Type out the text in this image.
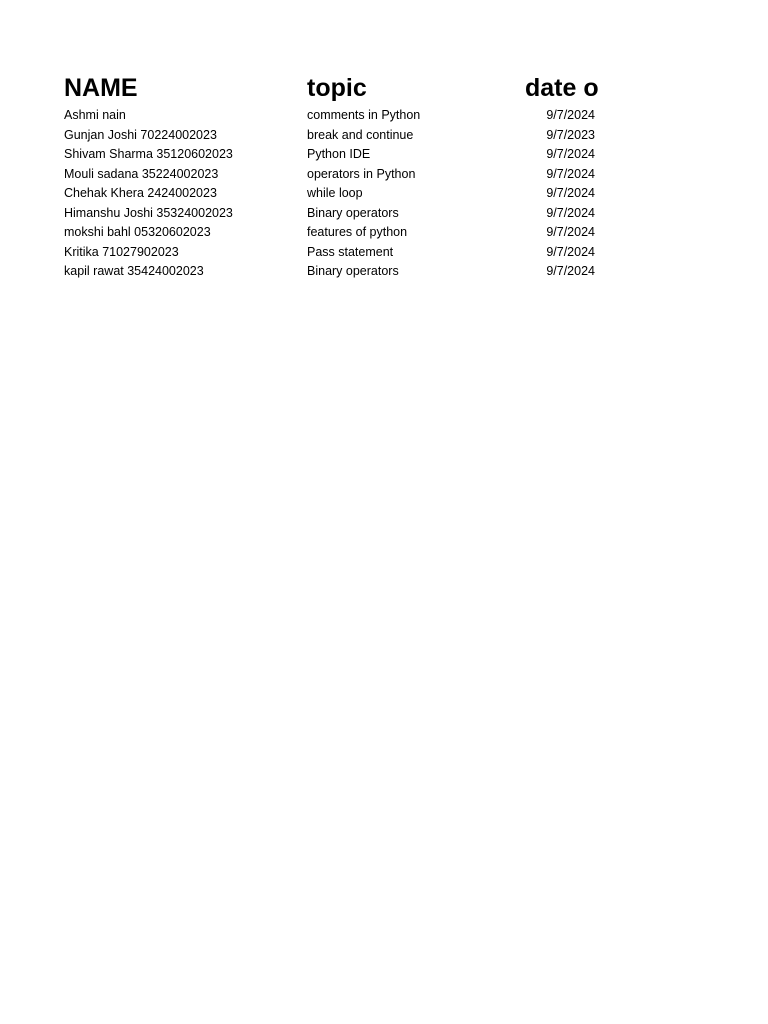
NAME	topic	date o
Ashmi nain	comments in Python	9/7/2024
Gunjan Joshi 70224002023	break and continue	9/7/2023
Shivam Sharma 35120602023	Python IDE	9/7/2024
Mouli sadana 35224002023	operators in Python	9/7/2024
Chehak Khera 2424002023	while loop	9/7/2024
Himanshu Joshi 35324002023	Binary operators	9/7/2024
mokshi bahl 05320602023	features of python	9/7/2024
Kritika 71027902023	Pass statement	9/7/2024
kapil rawat 35424002023	Binary operators	9/7/2024
